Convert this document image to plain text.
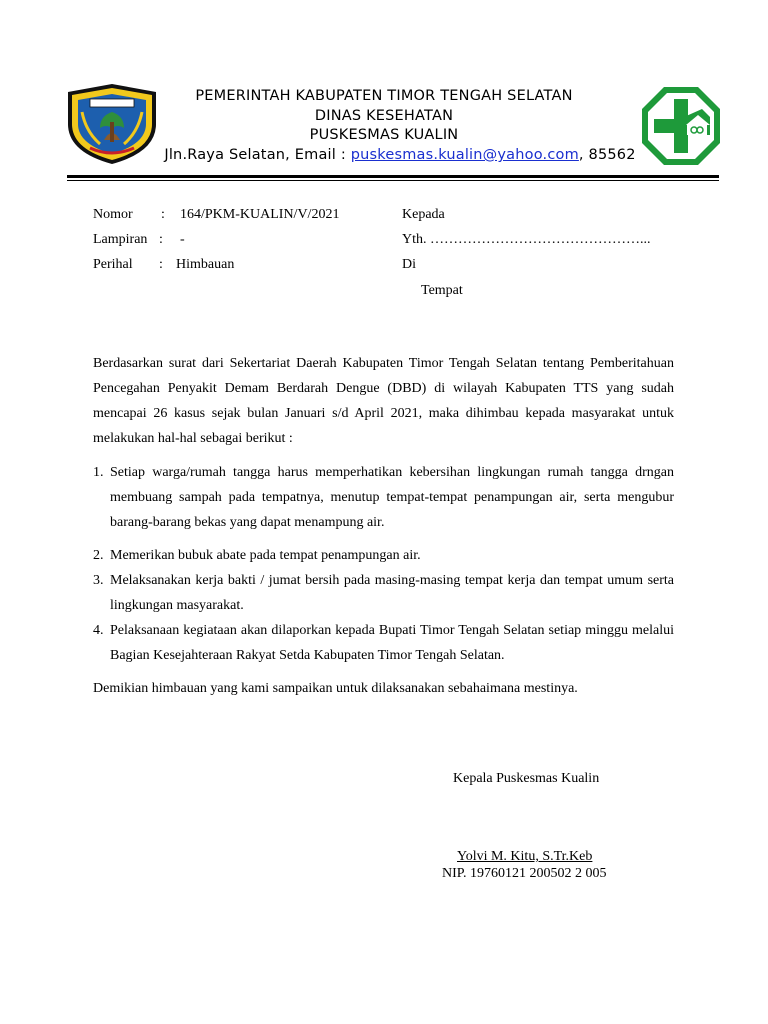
PEMERINTAH KABUPATEN TIMOR TENGAH SELATAN
DINAS KESEHATAN
PUSKESMAS KUALIN
Jln.Raya Selatan, Email : puskesmas.kualin@yahoo.com, 85562
Nomor : 164/PKM-KUALIN/V/2021
Lampiran : -
Perihal : Himbauan
Kepada
Yth. ………………………………………...
Di
Tempat
Berdasarkan surat dari Sekertariat Daerah Kabupaten Timor Tengah Selatan tentang Pemberitahuan Pencegahan Penyakit Demam Berdarah Dengue (DBD) di wilayah Kabupaten TTS yang sudah mencapai 26 kasus sejak bulan Januari s/d April 2021, maka dihimbau kepada masyarakat untuk melakukan hal-hal sebagai berikut :
1. Setiap warga/rumah tangga harus memperhatikan kebersihan lingkungan rumah tangga drngan membuang sampah pada tempatnya, menutup tempat-tempat penampungan air, serta mengubur barang-barang bekas yang dapat menampung air.
2. Memerikan bubuk abate pada tempat penampungan air.
3. Melaksanakan kerja bakti / jumat bersih pada masing-masing tempat kerja dan tempat umum serta lingkungan masyarakat.
4. Pelaksanaan kegiataan akan dilaporkan kepada Bupati Timor Tengah Selatan setiap minggu melalui Bagian Kesejahteraan Rakyat Setda Kabupaten Timor Tengah Selatan.
Demikian himbauan yang kami sampaikan untuk dilaksanakan sebahaimana mestinya.
Kepala Puskesmas Kualin
Yolvi M. Kitu, S.Tr.Keb
NIP. 19760121 200502 2 005
